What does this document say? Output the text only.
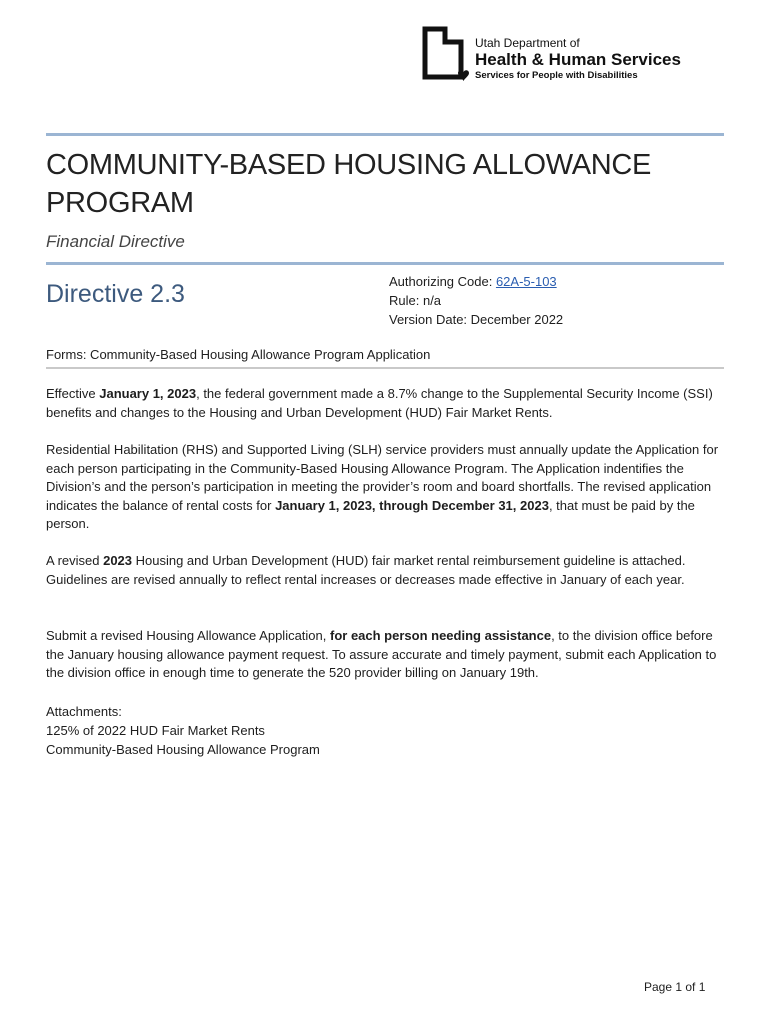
Utah Department of
Health & Human Services
Services for People with Disabilities
COMMUNITY-BASED HOUSING ALLOWANCE PROGRAM
Financial Directive
Directive 2.3	Authorizing Code: 62A-5-103
Rule: n/a
Version Date: December 2022
Forms: Community-Based Housing Allowance Program Application

Effective January 1, 2023, the federal government made a 8.7% change to the Supplemental Security Income (SSI) benefits and changes to the Housing and Urban Development (HUD) Fair Market Rents.

Residential Habilitation (RHS) and Supported Living (SLH) service providers must annually update the Application for each person participating in the Community-Based Housing Allowance Program. The Application indentifies the Division’s and the person’s participation in meeting the provider’s room and board shortfalls. The revised application indicates the balance of rental costs for January 1, 2023, through December 31, 2023, that must be paid by the person.

A revised 2023 Housing and Urban Development (HUD) fair market rental reimbursement guideline is attached. Guidelines are revised annually to reflect rental increases or decreases made effective in January of each year.

Submit a revised Housing Allowance Application, for each person needing assistance, to the division office before the January housing allowance payment request. To assure accurate and timely payment, submit each Application to the division office in enough time to generate the 520 provider billing on January 19th.

Attachments:
125% of 2022 HUD Fair Market Rents
Community-Based Housing Allowance Program
Page 1 of 1
